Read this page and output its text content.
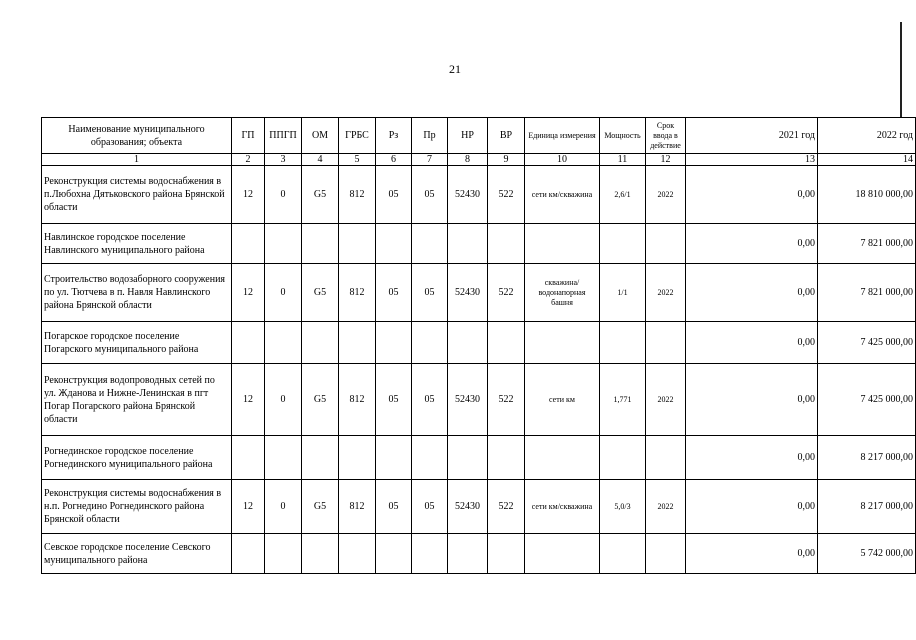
21
Наименование муниципального образования; объекта	ГП	ППГП	ОМ	ГРБС	Рз	Пр	НР	ВР	Единица измерения	Мощность	Срок ввода в действие	2021 год	2022 год
1	2	3	4	5	6	7	8	9	10	11	12	13	14
Реконструкция системы водоснабжения в п.Любохна Дятьковского района Брянской области	12	0	G5	812	05	05	52430	522	сети км/скважина	2,6/1	2022	0,00	18 810 000,00
Навлинское городское поселение Навлинского муниципального района												0,00	7 821 000,00
Строительство водозаборного сооружения по ул. Тютчева в п. Навля Навлинского района Брянской области	12	0	G5	812	05	05	52430	522	скважина/водонапорная башня	1/1	2022	0,00	7 821 000,00
Погарское городское поселение Погарского муниципального района												0,00	7 425 000,00
Реконструкция водопроводных сетей по ул. Жданова и Нижне-Ленинская в пгт Погар Погарского района Брянской области	12	0	G5	812	05	05	52430	522	сети км	1,771	2022	0,00	7 425 000,00
Рогнединское городское поселение Рогнединского муниципального района												0,00	8 217 000,00
Реконструкция системы водоснабжения в н.п. Рогнедино Рогнединского района Брянской области	12	0	G5	812	05	05	52430	522	сети км/скважина	5,0/3	2022	0,00	8 217 000,00
Севское городское поселение Севского муниципального района												0,00	5 742 000,00
